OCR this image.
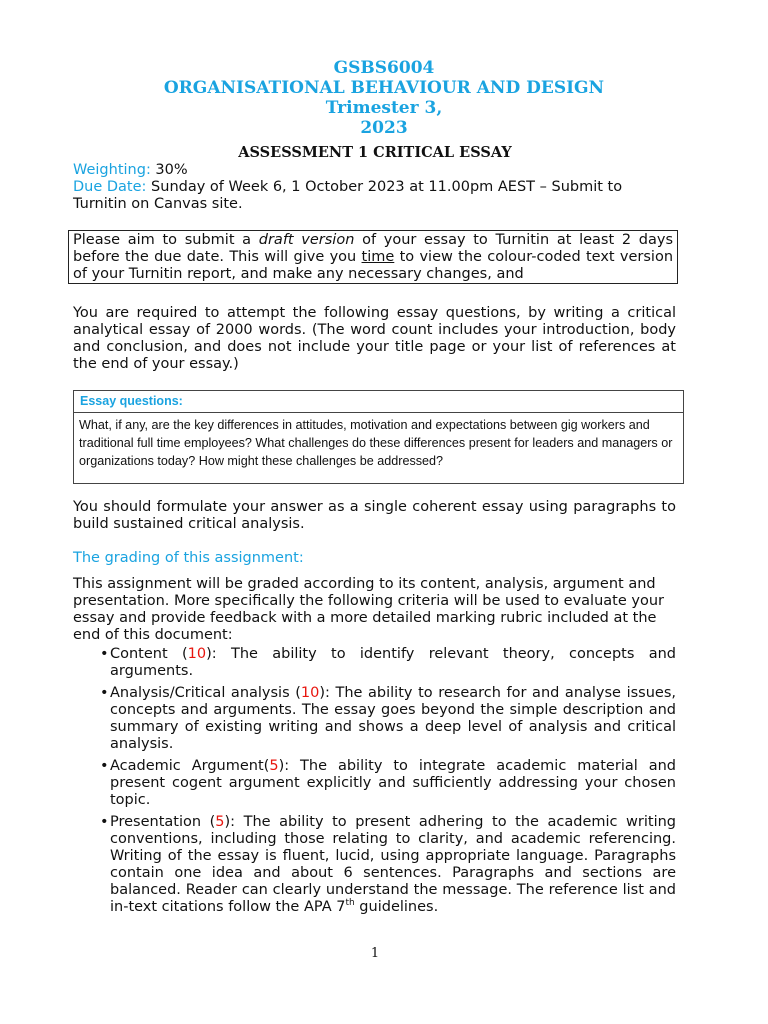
GSBS6004
ORGANISATIONAL BEHAVIOUR AND DESIGN
Trimester 3,
2023
ASSESSMENT 1 CRITICAL ESSAY
Weighting: 30%
Due Date: Sunday of Week 6, 1 October 2023 at 11.00pm AEST – Submit to
Turnitin on Canvas site.
Please aim to submit a draft version of your essay to Turnitin at least 2 days before the due date. This will give you time to view the colour-coded text version of your Turnitin report, and make any necessary changes, and
You are required to attempt the following essay questions, by writing a critical analytical essay of 2000 words. (The word count includes your introduction, body and conclusion, and does not include your title page or your list of references at the end of your essay.)
Essay questions:
What, if any, are the key differences in attitudes, motivation and expectations between gig workers and traditional full time employees? What challenges do these differences present for leaders and managers or organizations today? How might these challenges be addressed?
You should formulate your answer as a single coherent essay using paragraphs to build sustained critical analysis.
The grading of this assignment:
This assignment will be graded according to its content, analysis, argument and presentation. More specifically the following criteria will be used to evaluate your essay and provide feedback with a more detailed marking rubric included at the end of this document:
• Content (10): The ability to identify relevant theory, concepts and arguments.
• Analysis/Critical analysis (10): The ability to research for and analyse issues, concepts and arguments. The essay goes beyond the simple description and summary of existing writing and shows a deep level of analysis and critical analysis.
• Academic Argument(5): The ability to integrate academic material and present cogent argument explicitly and sufficiently addressing your chosen topic.
• Presentation (5): The ability to present adhering to the academic writing conventions, including those relating to clarity, and academic referencing. Writing of the essay is fluent, lucid, using appropriate language. Paragraphs contain one idea and about 6 sentences. Paragraphs and sections are balanced. Reader can clearly understand the message. The reference list and in-text citations follow the APA 7th guidelines.
1
